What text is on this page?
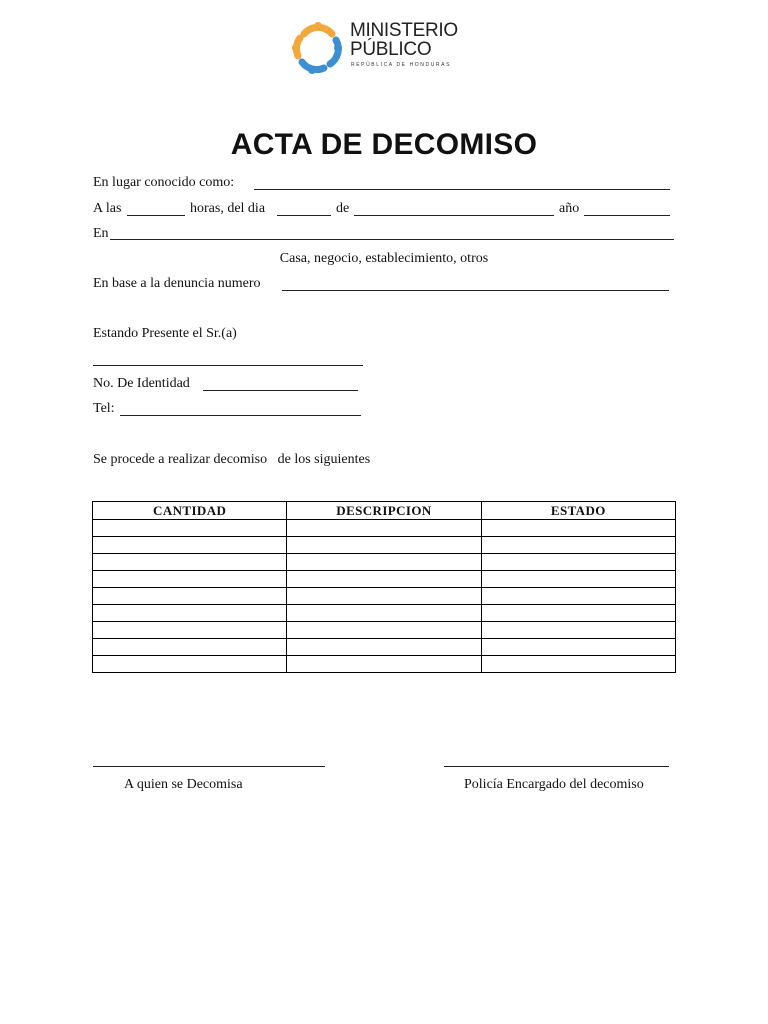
MINISTERIO
PÚBLICO
REPÚBLICA DE HONDURAS
ACTA DE DECOMISO
En lugar conocido como:
A las	horas, del dia	de	año
En
Casa, negocio, establecimiento, otros
En base a la denuncia numero
Estando Presente el Sr.(a)
No. De Identidad
Tel:
Se procede a realizar decomiso   de los siguientes
CANTIDAD	DESCRIPCION	ESTADO

A quien se Decomisa	Policía Encargado del decomiso
